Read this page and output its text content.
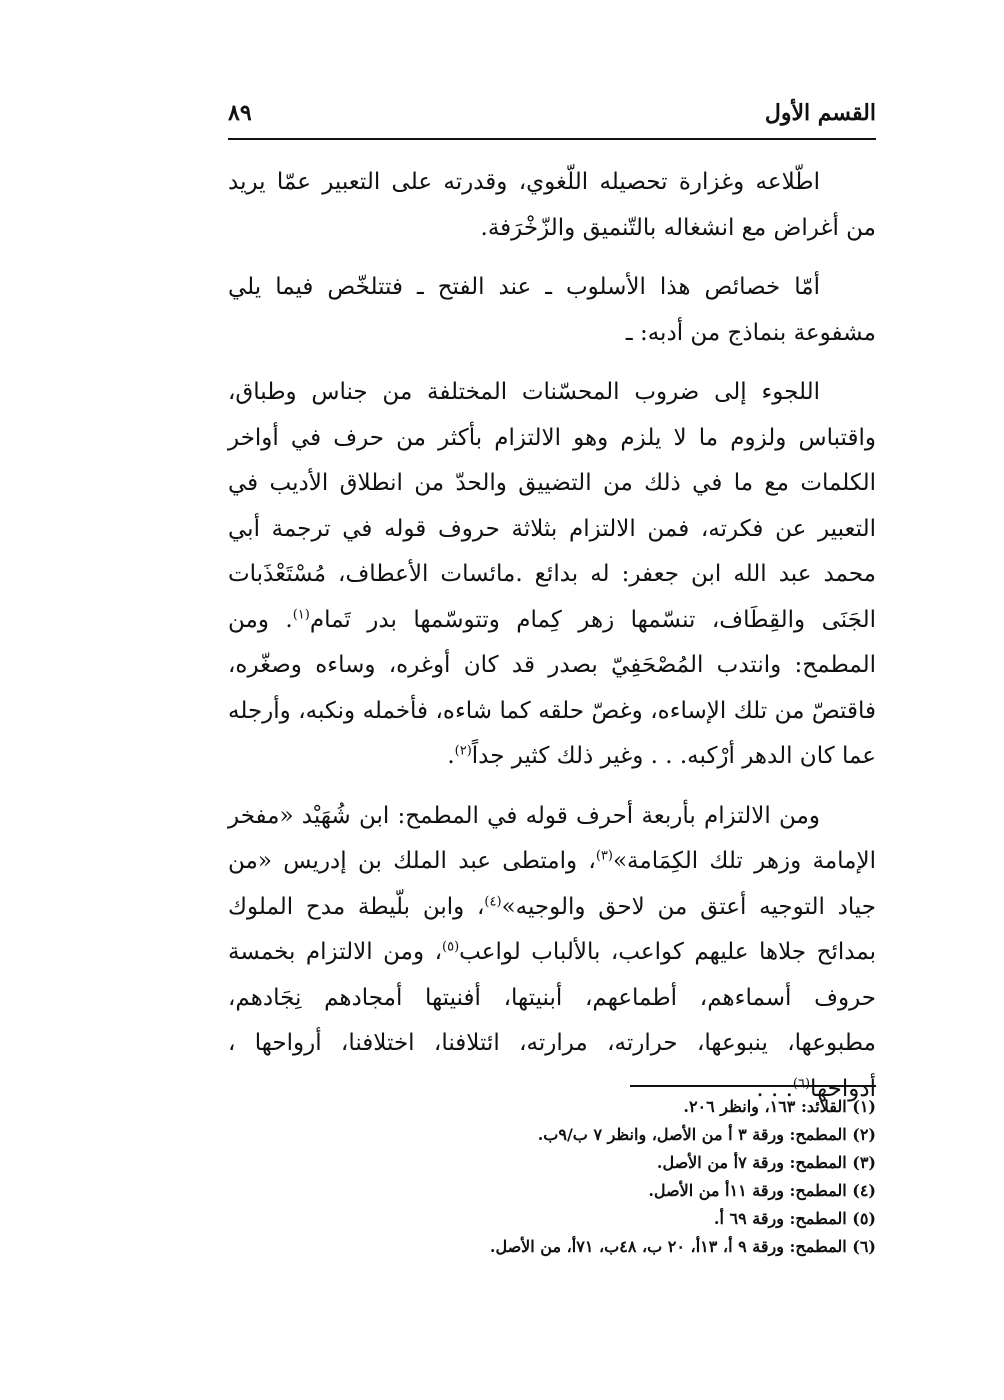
القسم الأول
٨٩

اطّلاعه وغزارة تحصيله اللّغوي، وقدرته على التعبير عمّا يريد من أغراض مع انشغاله بالتّنميق والزّخْرَفة.

أمّا خصائص هذا الأسلوب ـ عند الفتح ـ فتتلخّص فيما يلي مشفوعة بنماذج من أدبه: ـ

اللجوء إلى ضروب المحسّنات المختلفة من جناس وطباق، واقتباس ولزوم ما لا يلزم وهو الالتزام بأكثر من حرف في أواخر الكلمات مع ما في ذلك من التضييق والحدّ من انطلاق الأديب في التعبير عن فكرته، فمن الالتزام بثلاثة حروف قوله في ترجمة أبي محمد عبد الله ابن جعفر: له بدائع .مائسات الأعطاف، مُسْتَعْذَبات الجَنَى والقِطَاف، تنسّمها زهر كِمام وتتوسّمها بدر تَمام$^{(١)}$. ومن المطمح: وانتدب المُصْحَفِيّ بصدر قد كان أوغره، وساءه وصغّره، فاقتصّ من تلك الإساءه، وغصّ حلقه كما شاءه، فأخمله ونكبه، وأرجله عما كان الدهر أرْكبه. . . وغير ذلك كثير جداً$^{(٢)}$.

ومن الالتزام بأربعة أحرف قوله في المطمح: ابن شُهَيْد «مفخر الإمامة وزهر تلك الكِمَامة»$^{(٣)}$، وامتطى عبد الملك بن إدريس «من جياد التوجيه أعتق من لاحق والوجيه»$^{(٤)}$، وابن بلّيطة مدح الملوك بمدائح جلاها عليهم كواعب، بالألباب لواعب$^{(٥)}$، ومن الالتزام بخمسة حروف أسماءهم، أطماعهم، أبنيتها، أفنيتها أمجادهم نِجَادهم، مطبوعها، ينبوعها، حرارته، مرارته، ائتلافنا، اختلافنا، أرواحها ، أدواحها$^{(٦)}$. . .

(١) القلائد: ١٦٣، وانظر ٢٠٦.

(٢) المطمح: ورقة ٣ أ من الأصل، وانظر ٧ ب/٩ب.

(٣) المطمح: ورقة ٧أ من الأصل.

(٤) المطمح: ورقة ١١أ من الأصل.

(٥) المطمح: ورقة ٦٩ أ.

(٦) المطمح: ورقة ٩ أ، ١٣أ، ٢٠ ب، ٤٨ب، ٧١أ، من الأصل.
